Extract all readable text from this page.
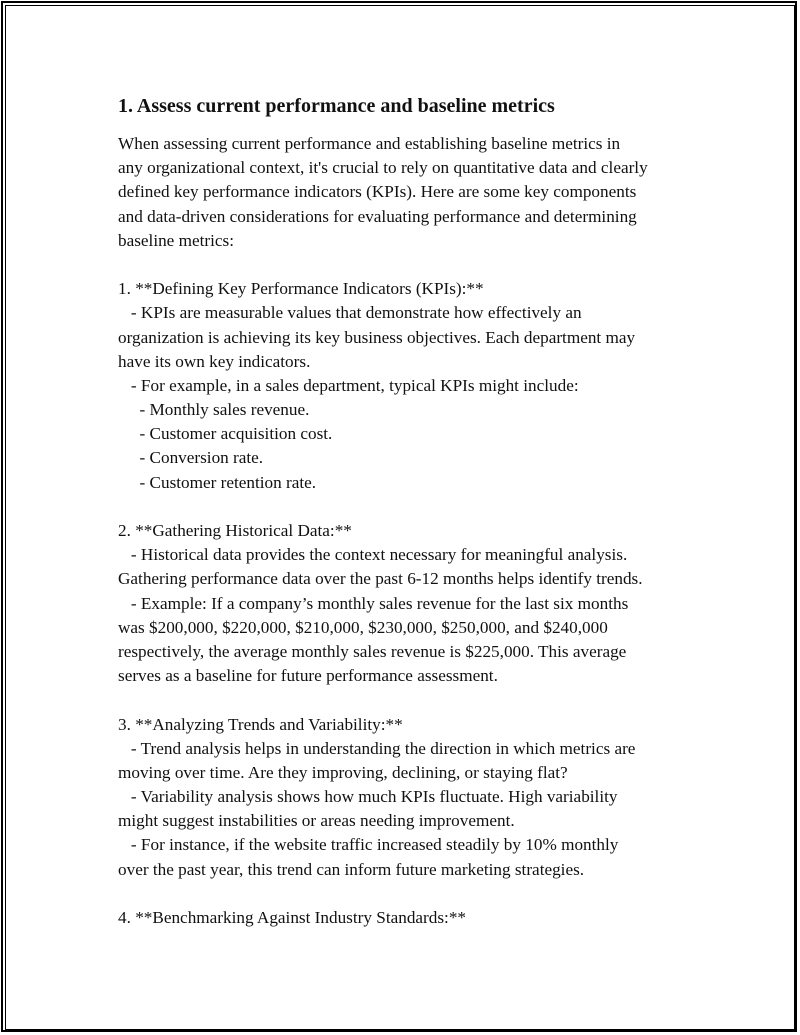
1. Assess current performance and baseline metrics
When assessing current performance and establishing baseline metrics in
any organizational context, it's crucial to rely on quantitative data and clearly
defined key performance indicators (KPIs). Here are some key components
and data-driven considerations for evaluating performance and determining
baseline metrics:
1. **Defining Key Performance Indicators (KPIs):**
- KPIs are measurable values that demonstrate how effectively an
organization is achieving its key business objectives. Each department may
have its own key indicators.
- For example, in a sales department, typical KPIs might include:
- Monthly sales revenue.
- Customer acquisition cost.
- Conversion rate.
- Customer retention rate.
2. **Gathering Historical Data:**
- Historical data provides the context necessary for meaningful analysis.
Gathering performance data over the past 6-12 months helps identify trends.
- Example: If a company’s monthly sales revenue for the last six months
was $200,000, $220,000, $210,000, $230,000, $250,000, and $240,000
respectively, the average monthly sales revenue is $225,000. This average
serves as a baseline for future performance assessment.
3. **Analyzing Trends and Variability:**
- Trend analysis helps in understanding the direction in which metrics are
moving over time. Are they improving, declining, or staying flat?
- Variability analysis shows how much KPIs fluctuate. High variability
might suggest instabilities or areas needing improvement.
- For instance, if the website traffic increased steadily by 10% monthly
over the past year, this trend can inform future marketing strategies.
4. **Benchmarking Against Industry Standards:**
